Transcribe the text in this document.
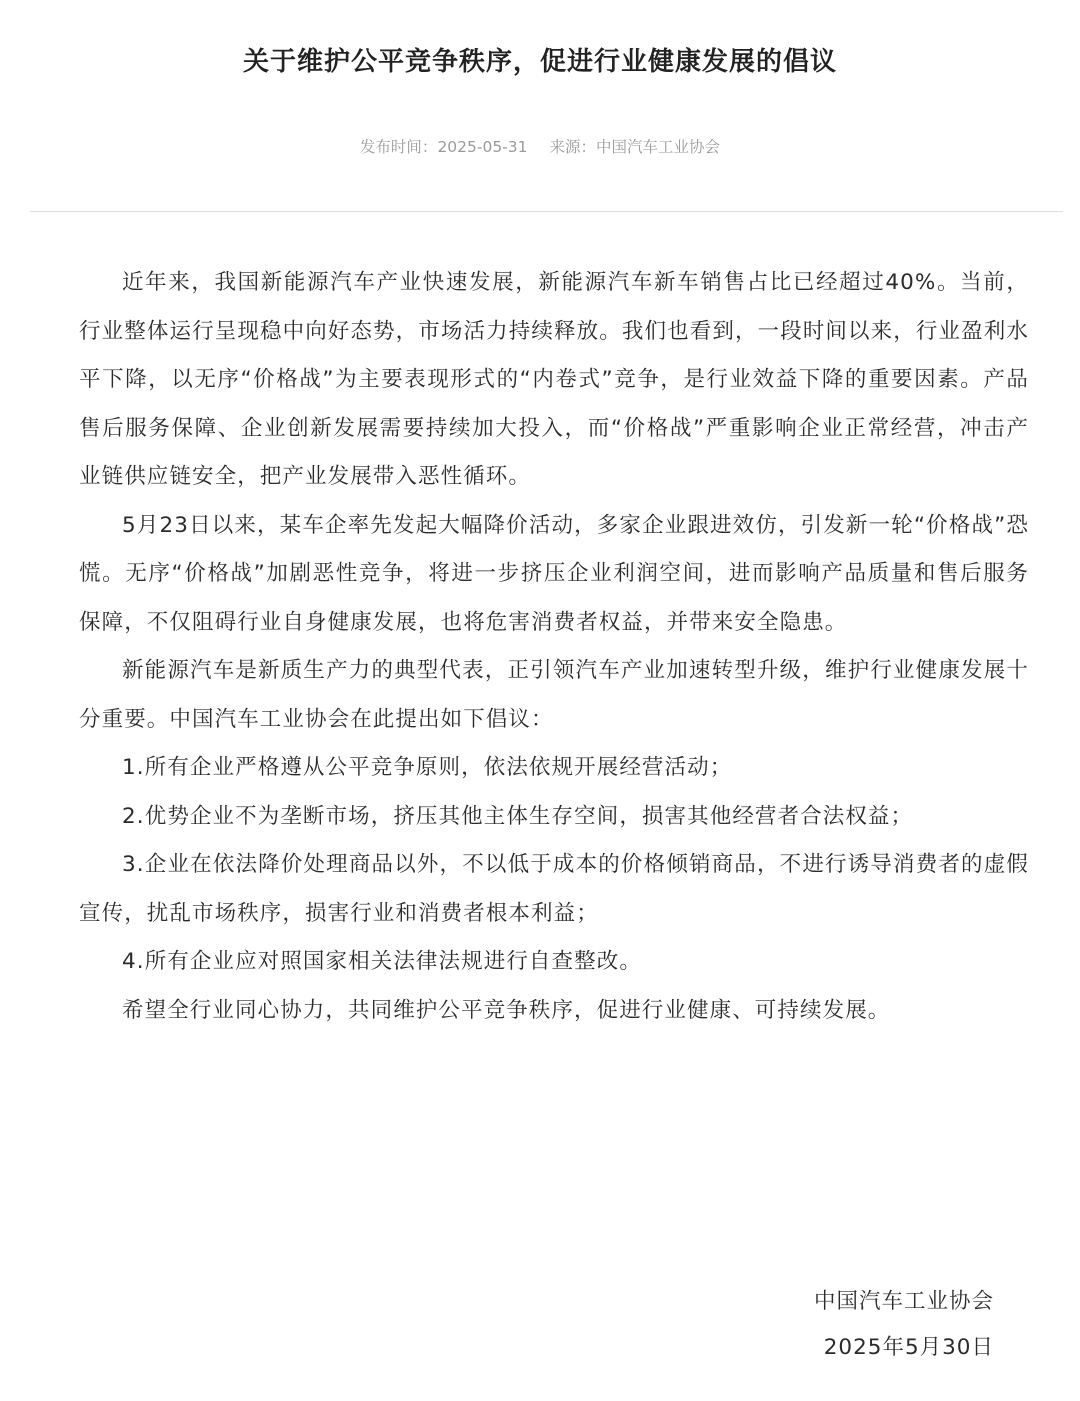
关于维护公平竞争秩序，促进行业健康发展的倡议
发布时间：2025-05-31 来源：中国汽车工业协会

近年来，我国新能源汽车产业快速发展，新能源汽车新车销售占比已经超过40%。当前，行业整体运行呈现稳中向好态势，市场活力持续释放。我们也看到，一段时间以来，行业盈利水平下降，以无序“价格战”为主要表现形式的“内卷式”竞争，是行业效益下降的重要因素。产品售后服务保障、企业创新发展需要持续加大投入，而“价格战”严重影响企业正常经营，冲击产业链供应链安全，把产业发展带入恶性循环。

5月23日以来，某车企率先发起大幅降价活动，多家企业跟进效仿，引发新一轮“价格战”恐慌。无序“价格战”加剧恶性竞争，将进一步挤压企业利润空间，进而影响产品质量和售后服务保障，不仅阻碍行业自身健康发展，也将危害消费者权益，并带来安全隐患。

新能源汽车是新质生产力的典型代表，正引领汽车产业加速转型升级，维护行业健康发展十分重要。中国汽车工业协会在此提出如下倡议：

1.所有企业严格遵从公平竞争原则，依法依规开展经营活动；

2.优势企业不为垄断市场，挤压其他主体生存空间，损害其他经营者合法权益；

3.企业在依法降价处理商品以外，不以低于成本的价格倾销商品，不进行诱导消费者的虚假宣传，扰乱市场秩序，损害行业和消费者根本利益；

4.所有企业应对照国家相关法律法规进行自查整改。

希望全行业同心协力，共同维护公平竞争秩序，促进行业健康、可持续发展。

中国汽车工业协会
2025年5月30日
